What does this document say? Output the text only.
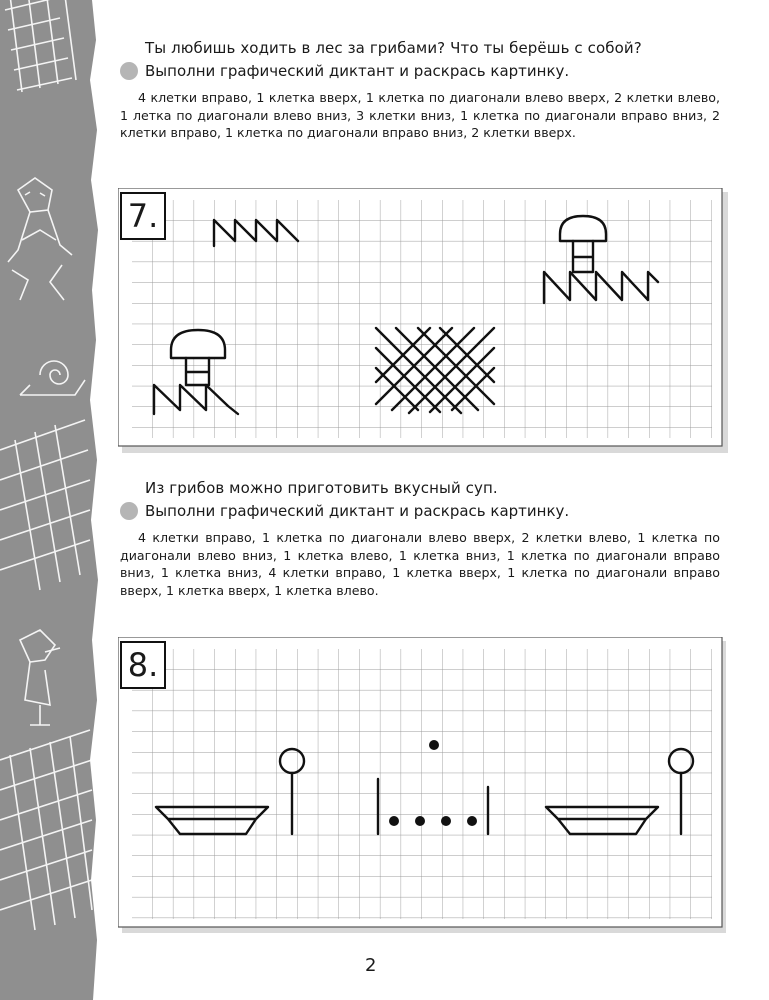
Ты любишь ходить в лес за грибами? Что ты берёшь с собой?
Выполни графический диктант и раскрась картинку.
4 клетки вправо, 1 клетка вверх, 1 клетка по диагонали влево вверх, 2 клетки влево, 1 летка по диагонали влево вниз, 3 клетки вниз, 1 клетка по диагонали вправо вниз, 2 клетки вправо, 1 клетка по диагонали вправо вниз, 2 клетки вверх.
7.
Из грибов можно приготовить вкусный суп.
Выполни графический диктант и раскрась картинку.
4 клетки вправо, 1 клетка по диагонали влево вверх, 2 клетки влево, 1 клетка по диагонали влево вниз, 1 клетка влево, 1 клетка вниз, 1 клетка по диагонали вправо вниз, 1 клетка вниз, 4 клетки вправо, 1 клетка вверх, 1 клетка по диагонали вправо вверх, 1 клетка вверх, 1 клетка влево.
8.
2
